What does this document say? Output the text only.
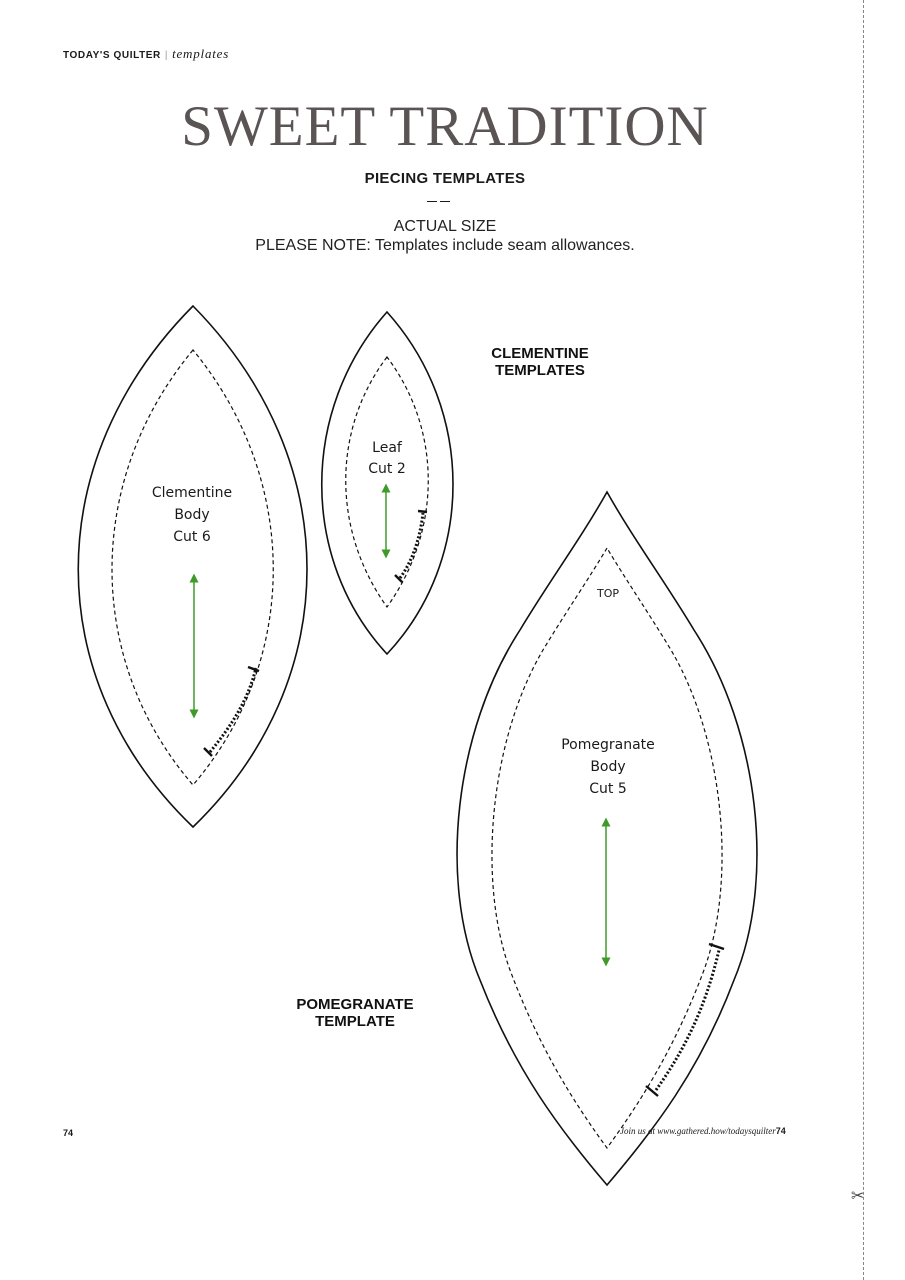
TODAY'S QUILTER | templates
SWEET TRADITION
PIECING TEMPLATES
ACTUAL SIZE
PLEASE NOTE: Templates include seam allowances.
CLEMENTINE
TEMPLATES
POMEGRANATE
TEMPLATE
Clementine
Body
Cut 6
Leaf
Cut 2
TOP
Pomegranate
Body
Cut 5
✂
74	Join us at www.gathered.how/todaysquilter74
